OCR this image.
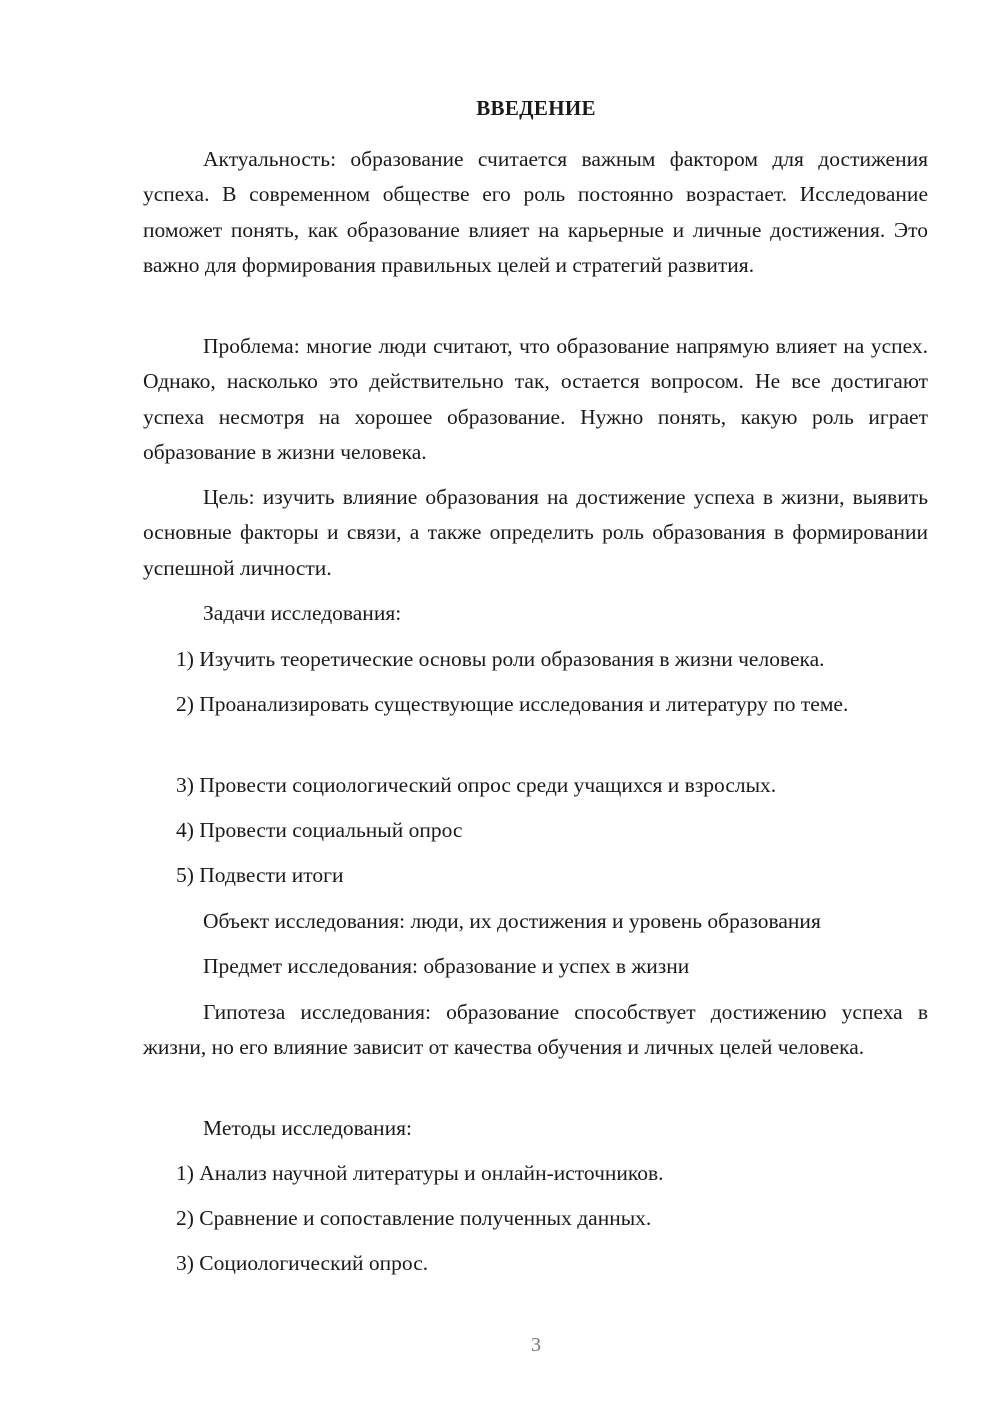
ВВЕДЕНИЕ

Актуальность: образование считается важным фактором для достижения успеха. В современном обществе его роль постоянно возрастает. Исследование поможет понять, как образование влияет на карьерные и личные достижения. Это важно для формирования правильных целей и стратегий развития.

Проблема: многие люди считают, что образование напрямую влияет на успех. Однако, насколько это действительно так, остается вопросом. Не все достигают успеха несмотря на хорошее образование. Нужно понять, какую роль играет образование в жизни человека.

Цель: изучить влияние образования на достижение успеха в жизни, выявить основные факторы и связи, а также определить роль образования в формировании успешной личности.

Задачи исследования:

1) Изучить теоретические основы роли образования в жизни человека.

2) Проанализировать существующие исследования и литературу по теме.

3) Провести социологический опрос среди учащихся и взрослых.

4) Провести социальный опрос

5) Подвести итоги

Объект исследования: люди, их достижения и уровень образования

Предмет исследования: образование и успех в жизни

Гипотеза исследования: образование способствует достижению успеха в жизни, но его влияние зависит от качества обучения и личных целей человека.

Методы исследования:

1) Анализ научной литературы и онлайн-источников.

2) Сравнение и сопоставление полученных данных.

3) Социологический опрос.

3
